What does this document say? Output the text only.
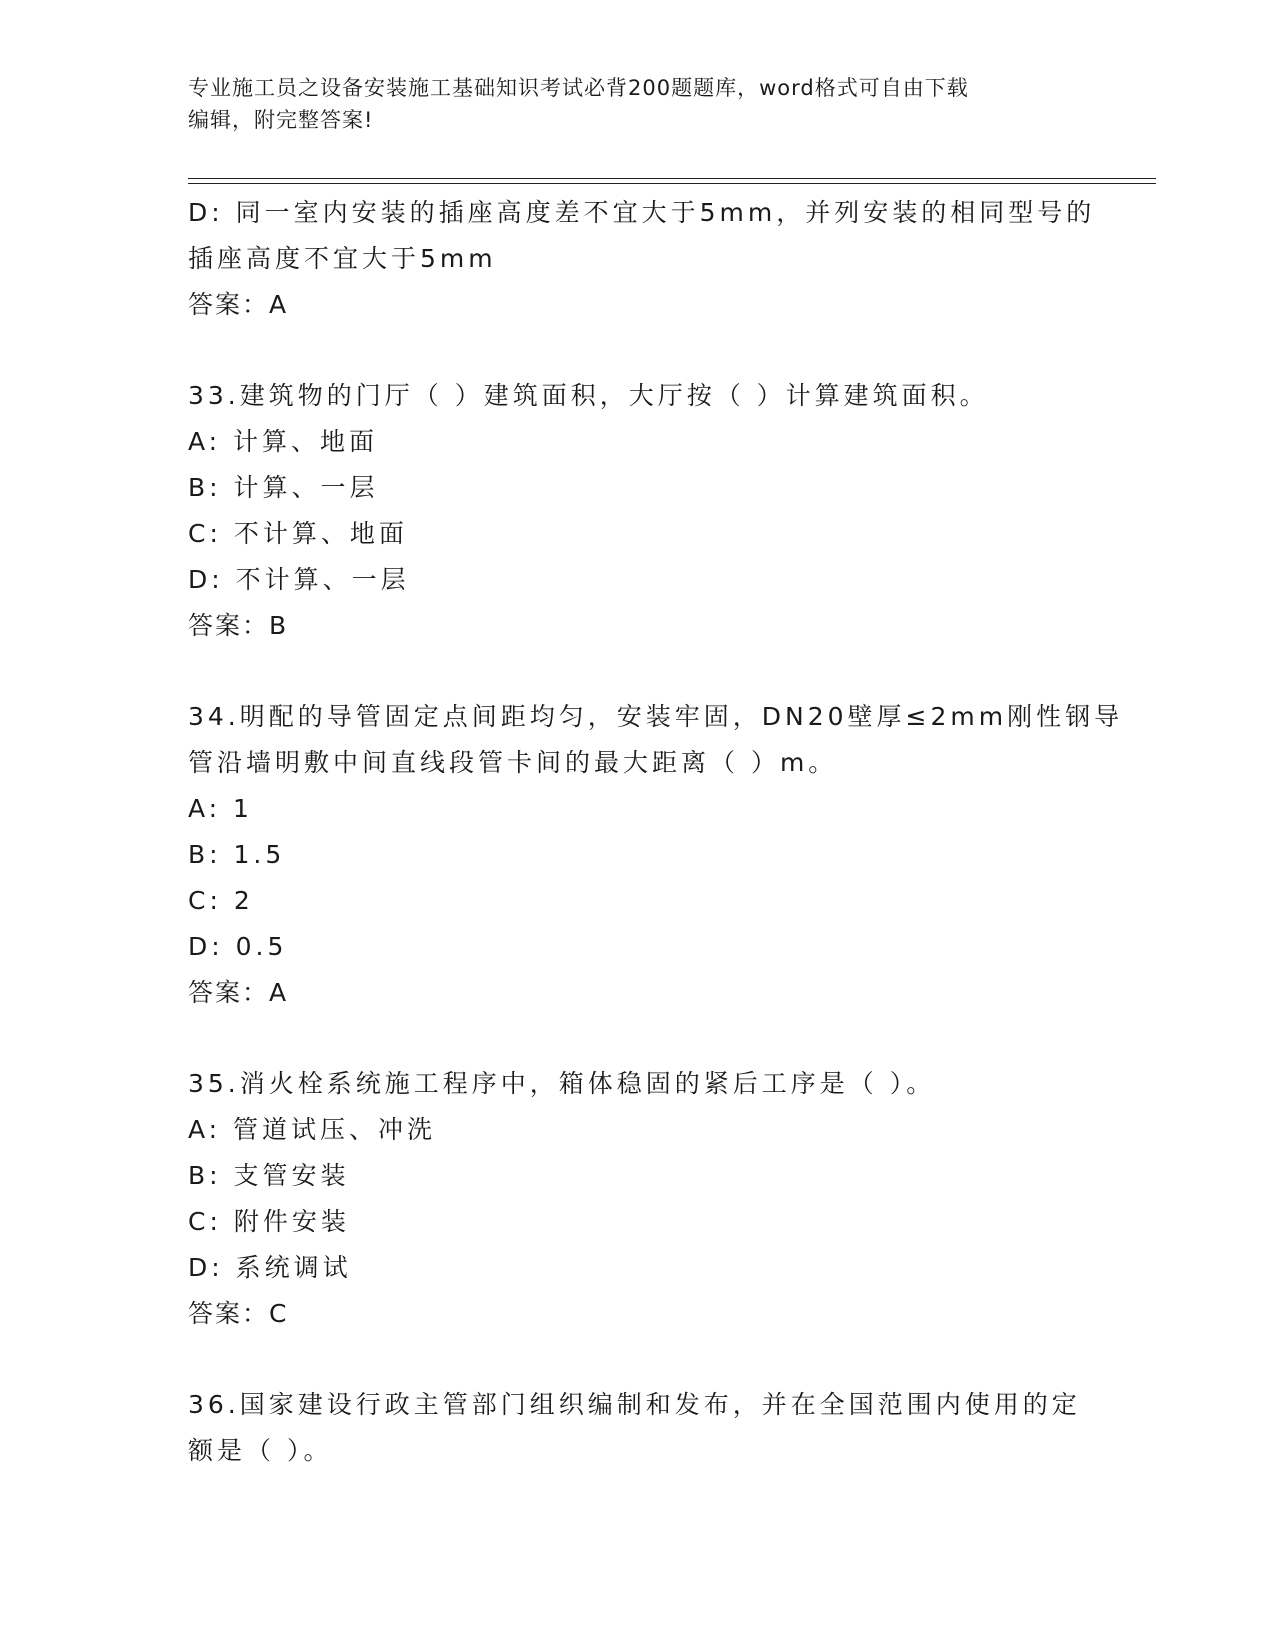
专业施工员之设备安装施工基础知识考试必背200题题库，word格式可自由下载
编辑，附完整答案!
D: 同一室内安装的插座高度差不宜大于5mm，并列安装的相同型号的
插座高度不宜大于5mm
答案：A
33.建筑物的门厅（ ）建筑面积，大厅按（ ）计算建筑面积。
A: 计算、地面
B: 计算、一层
C: 不计算、地面
D: 不计算、一层
答案：B
34.明配的导管固定点间距均匀，安装牢固，DN20壁厚≤2mm刚性钢导
管沿墙明敷中间直线段管卡间的最大距离（ ）m。
A: 1
B: 1.5
C: 2
D: 0.5
答案：A
35.消火栓系统施工程序中，箱体稳固的紧后工序是（ ）。
A: 管道试压、冲洗
B: 支管安装
C: 附件安装
D: 系统调试
答案：C
36.国家建设行政主管部门组织编制和发布，并在全国范围内使用的定
额是（ ）。
